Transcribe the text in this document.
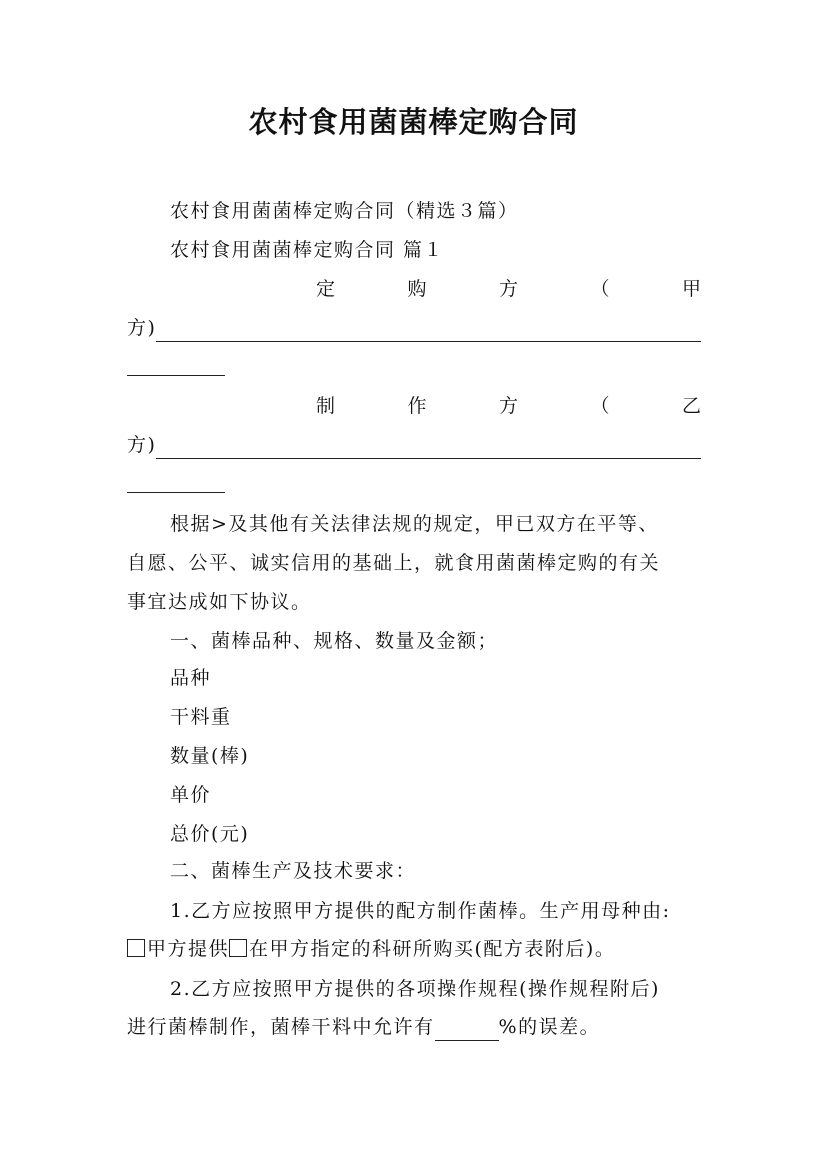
农村食用菌菌棒定购合同
农村食用菌菌棒定购合同（精选３篇）
农村食用菌菌棒定购合同 篇１
定	购	方	（	甲
方)
制	作	方	（	乙
方)
根据>及其他有关法律法规的规定，甲已双方在平等、
自愿、公平、诚实信用的基础上，就食用菌菌棒定购的有关
事宜达成如下协议。
一、菌棒品种、规格、数量及金额；
品种
干料重
数量(棒)
单价
总价(元)
二、菌棒生产及技术要求：
1.乙方应按照甲方提供的配方制作菌棒。生产用母种由:
甲方提供 在甲方指定的科研所购买(配方表附后)。
2.乙方应按照甲方提供的各项操作规程(操作规程附后)
进行菌棒制作，菌棒干料中允许有	%的误差。
